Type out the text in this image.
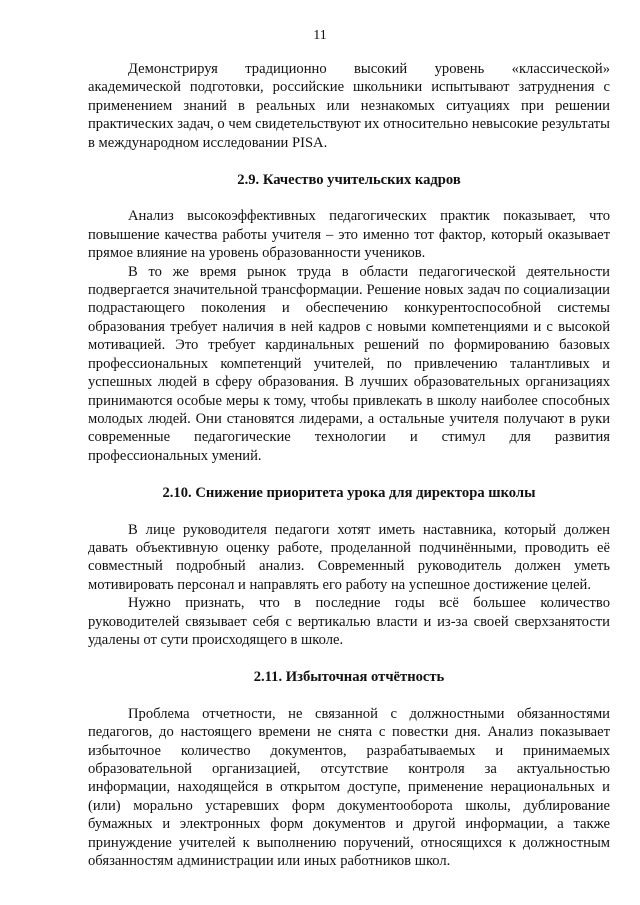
11

Демонстрируя традиционно высокий уровень «классической» академической подготовки, российские школьники испытывают затруднения с применением знаний в реальных или незнакомых ситуациях при решении практических задач, о чем свидетельствуют их относительно невысокие результаты в международном исследовании PISA.

2.9. Качество учительских кадров

Анализ высокоэффективных педагогических практик показывает, что повышение качества работы учителя – это именно тот фактор, который оказывает прямое влияние на уровень образованности учеников.

В то же время рынок труда в области педагогической деятельности подвергается значительной трансформации. Решение новых задач по социализации подрастающего поколения и обеспечению конкурентоспособной системы образования требует наличия в ней кадров с новыми компетенциями и с высокой мотивацией. Это требует кардинальных решений по формированию базовых профессиональных компетенций учителей, по привлечению талантливых и успешных людей в сферу образования. В лучших образовательных организациях принимаются особые меры к тому, чтобы привлекать в школу наиболее способных молодых людей. Они становятся лидерами, а остальные учителя получают в руки современные педагогические технологии и стимул для развития профессиональных умений.

2.10. Снижение приоритета урока для директора школы

В лице руководителя педагоги хотят иметь наставника, который должен давать объективную оценку работе, проделанной подчинёнными, проводить её совместный подробный анализ. Современный руководитель должен уметь мотивировать персонал и направлять его работу на успешное достижение целей.

Нужно признать, что в последние годы всё большее количество руководителей связывает себя с вертикалью власти и из-за своей сверхзанятости удалены от сути происходящего в школе.

2.11. Избыточная отчётность

Проблема отчетности, не связанной с должностными обязанностями педагогов, до настоящего времени не снята с повестки дня. Анализ показывает избыточное количество документов, разрабатываемых и принимаемых образовательной организацией, отсутствие контроля за актуальностью информации, находящейся в открытом доступе, применение нерациональных и (или) морально устаревших форм документооборота школы, дублирование бумажных и электронных форм документов и другой информации, а также принуждение учителей к выполнению поручений, относящихся к должностным обязанностям администрации или иных работников школ.
